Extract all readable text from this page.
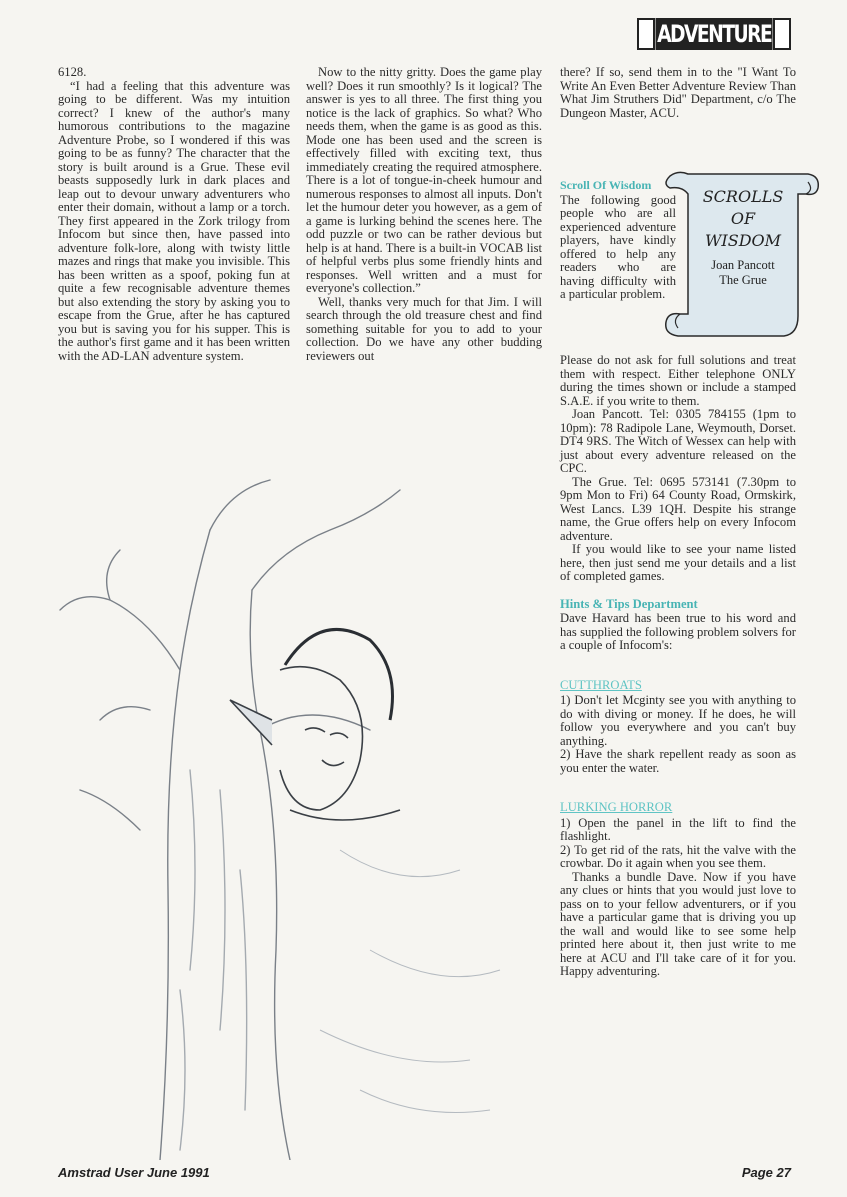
ADVENTURE

6128.

“I had a feeling that this adventure was going to be different. Was my intuition correct? I knew of the author's many humorous contributions to the magazine Adventure Probe, so I wondered if this was going to be as funny? The character that the story is built around is a Grue. These evil beasts supposedly lurk in dark places and leap out to devour unwary adventurers who enter their domain, without a lamp or a torch. They first appeared in the Zork trilogy from Infocom but since then, have passed into adventure folk-lore, along with twisty little mazes and rings that make you invisible. This has been written as a spoof, poking fun at quite a few recognisable adventure themes but also extending the story by asking you to escape from the Grue, after he has captured you but is saving you for his supper. This is the author's first game and it has been written with the AD-LAN adventure system.

Now to the nitty gritty. Does the game play well? Does it run smoothly? Is it logical? The answer is yes to all three. The first thing you notice is the lack of graphics. So what? Who needs them, when the game is as good as this. Mode one has been used and the screen is effectively filled with exciting text, thus immediately creating the required atmosphere. There is a lot of tongue-in-cheek humour and numerous responses to almost all inputs. Don't let the humour deter you however, as a gem of a game is lurking behind the scenes here. The odd puzzle or two can be rather devious but help is at hand. There is a built-in VOCAB list of helpful verbs plus some friendly hints and responses. Well written and a must for everyone's collection.”

Well, thanks very much for that Jim. I will search through the old treasure chest and find something suitable for you to add to your collection. Do we have any other budding reviewers out

there? If so, send them in to the "I Want To Write An Even Better Adventure Review Than What Jim Struthers Did" Department, c/o The Dungeon Master, ACU.

Scroll Of Wisdom

The following good people who are all experienced adventure players, have kindly offered to help any readers who are having difficulty with a particular problem.

Please do not ask for full solutions and treat them with respect. Either telephone ONLY during the times shown or include a stamped S.A.E. if you write to them.

Joan Pancott. Tel: 0305 784155 (1pm to 10pm): 78 Radipole Lane, Weymouth, Dorset. DT4 9RS. The Witch of Wessex can help with just about every adventure released on the CPC.

The Grue. Tel: 0695 573141 (7.30pm to 9pm Mon to Fri) 64 County Road, Ormskirk, West Lancs. L39 1QH. Despite his strange name, the Grue offers help on every Infocom adventure.

If you would like to see your name listed here, then just send me your details and a list of completed games.

Hints & Tips Department

Dave Havard has been true to his word and has supplied the following problem solvers for a couple of Infocom's:

CUTTHROATS

1) Don't let Mcginty see you with anything to do with diving or money. If he does, he will follow you everywhere and you can't buy anything.

2) Have the shark repellent ready as soon as you enter the water.

LURKING HORROR

1) Open the panel in the lift to find the flashlight.

2) To get rid of the rats, hit the valve with the crowbar. Do it again when you see them.

Thanks a bundle Dave. Now if you have any clues or hints that you would just love to pass on to your fellow adventurers, or if you have a particular game that is driving you up the wall and would like to see some help printed here about it, then just write to me here at ACU and I'll take care of it for you. Happy adventuring.

SCROLLS
OF
WISDOM
Joan Pancott
The Grue
Amstrad User June 1991	Page 27
